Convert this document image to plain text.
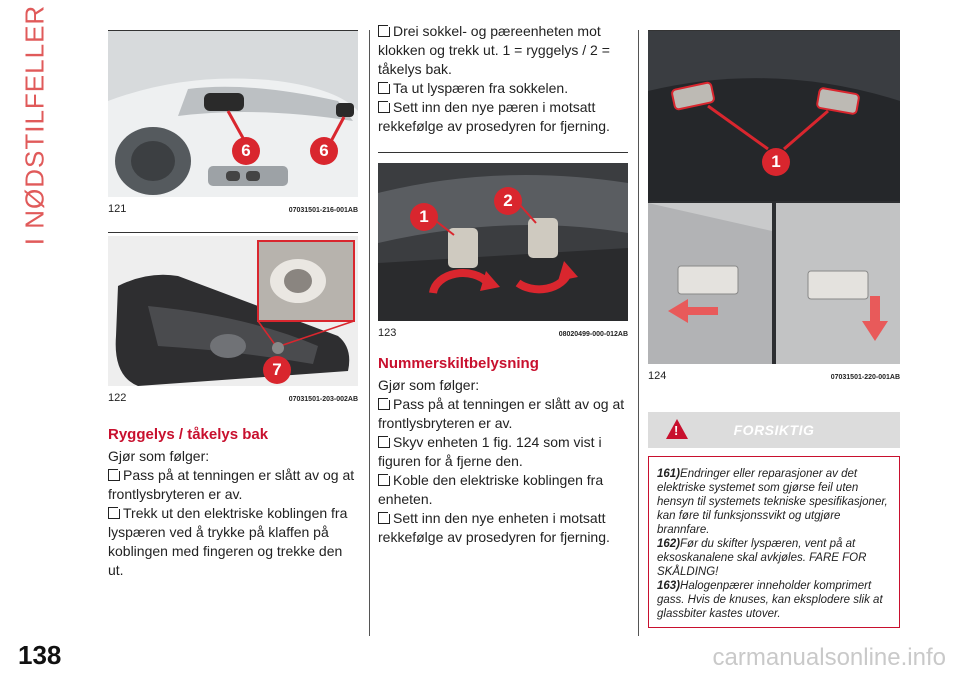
I NØDSTILFELLER
138
6	6
121	07031501-216-001AB
7
122	07031501-203-002AB

Ryggelys / tåkelys bak

Gjør som følger:

Pass på at tenningen er slått av og at frontlysbryteren er av.

Trekk ut den elektriske koblingen fra lyspæren ved å trykke på klaffen på koblingen med fingeren og trekke den ut.

Drei sokkel- og pæreenheten mot klokken og trekk ut. 1 = ryggelys / 2 = tåkelys bak.

Ta ut lyspæren fra sokkelen.

Sett inn den nye pæren i motsatt rekkefølge av prosedyren for fjerning.

1
2
123	08020499-000-012AB

Nummerskiltbelysning

Gjør som følger:

Pass på at tenningen er slått av og at frontlysbryteren er av.

Skyv enheten 1 fig. 124 som vist i figuren for å fjerne den.

Koble den elektriske koblingen fra enheten.

Sett inn den nye enheten i motsatt rekkefølge av prosedyren for fjerning.

1
124	07031501-220-001AB
!	FORSIKTIG

161)Endringer eller reparasjoner av det elektriske systemet som gjørse feil uten hensyn til systemets tekniske spesifikasjoner, kan føre til funksjonssvikt og utgjøre brannfare.

162)Før du skifter lyspæren, vent på at eksoskanalene skal avkjøles. FARE FOR SKÅLDING!

163)Halogenpærer inneholder komprimert gass. Hvis de knuses, kan eksplodere slik at glassbiter kastes utover.

carmanualsonline.info
